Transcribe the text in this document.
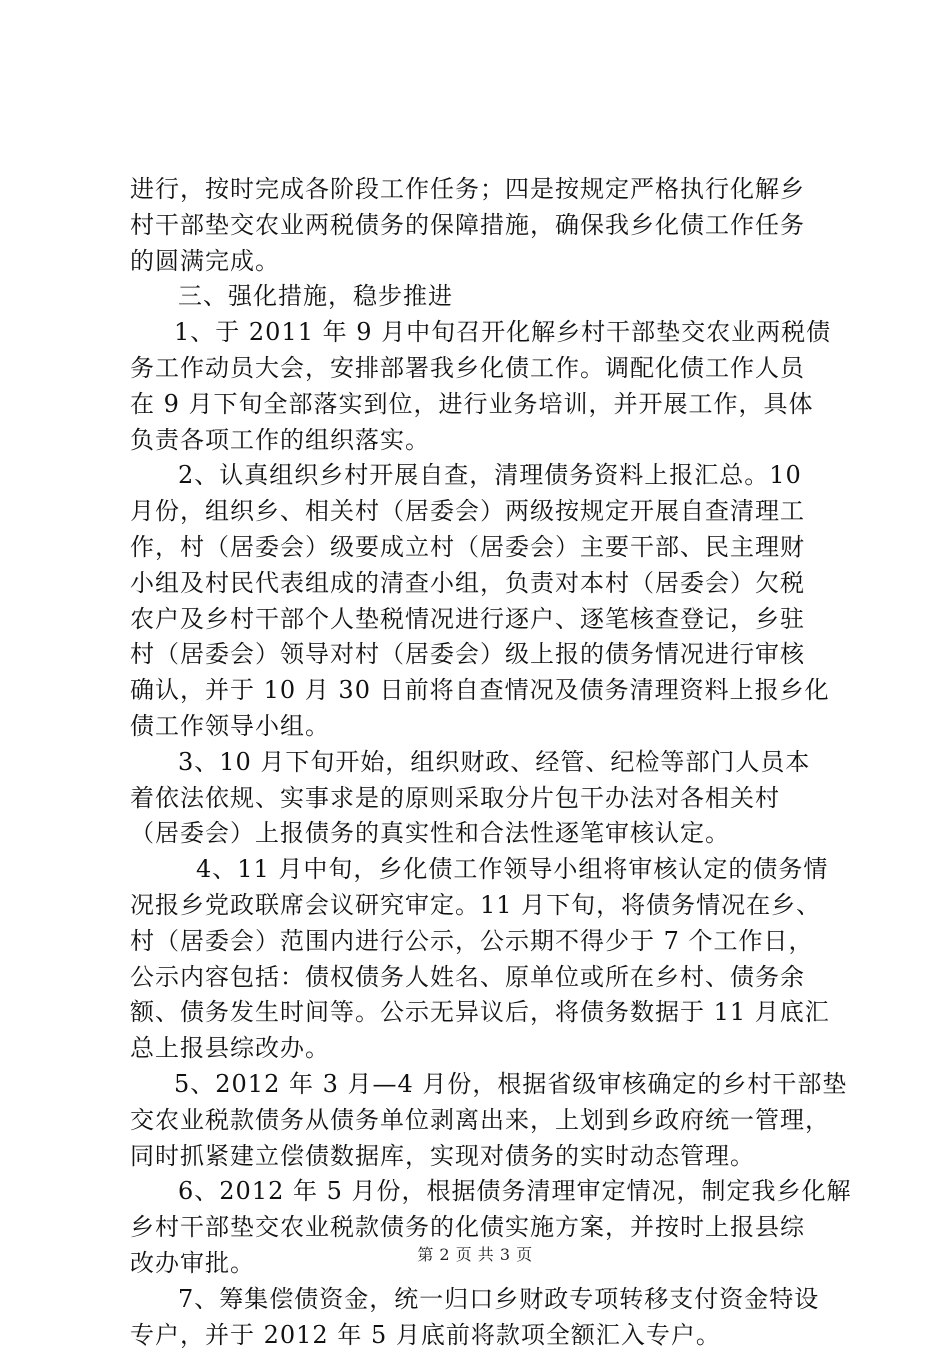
进行，按时完成各阶段工作任务；四是按规定严格执行化解乡
村干部垫交农业两税债务的保障措施，确保我乡化债工作任务
的圆满完成。
三、强化措施，稳步推进
1、于 2011 年 9 月中旬召开化解乡村干部垫交农业两税债
务工作动员大会，安排部署我乡化债工作。调配化债工作人员
在 9 月下旬全部落实到位，进行业务培训，并开展工作，具体
负责各项工作的组织落实。
2、认真组织乡村开展自查，清理债务资料上报汇总。10
月份，组织乡、相关村（居委会）两级按规定开展自查清理工
作，村（居委会）级要成立村（居委会）主要干部、民主理财
小组及村民代表组成的清查小组，负责对本村（居委会）欠税
农户及乡村干部个人垫税情况进行逐户、逐笔核查登记，乡驻
村（居委会）领导对村（居委会）级上报的债务情况进行审核
确认，并于 10 月 30 日前将自查情况及债务清理资料上报乡化
债工作领导小组。
3、10 月下旬开始，组织财政、经管、纪检等部门人员本
着依法依规、实事求是的原则采取分片包干办法对各相关村
（居委会）上报债务的真实性和合法性逐笔审核认定。
4、11 月中旬，乡化债工作领导小组将审核认定的债务情
况报乡党政联席会议研究审定。11 月下旬，将债务情况在乡、
村（居委会）范围内进行公示，公示期不得少于 7 个工作日，
公示内容包括：债权债务人姓名、原单位或所在乡村、债务余
额、债务发生时间等。公示无异议后，将债务数据于 11 月底汇
总上报县综改办。
5、2012 年 3 月—4 月份，根据省级审核确定的乡村干部垫
交农业税款债务从债务单位剥离出来，上划到乡政府统一管理，
同时抓紧建立偿债数据库，实现对债务的实时动态管理。
6、2012 年 5 月份，根据债务清理审定情况，制定我乡化解
乡村干部垫交农业税款债务的化债实施方案，并按时上报县综
改办审批。
7、筹集偿债资金，统一归口乡财政专项转移支付资金特设
专户，并于 2012 年 5 月底前将款项全额汇入专户。
第 2 页 共 3 页
